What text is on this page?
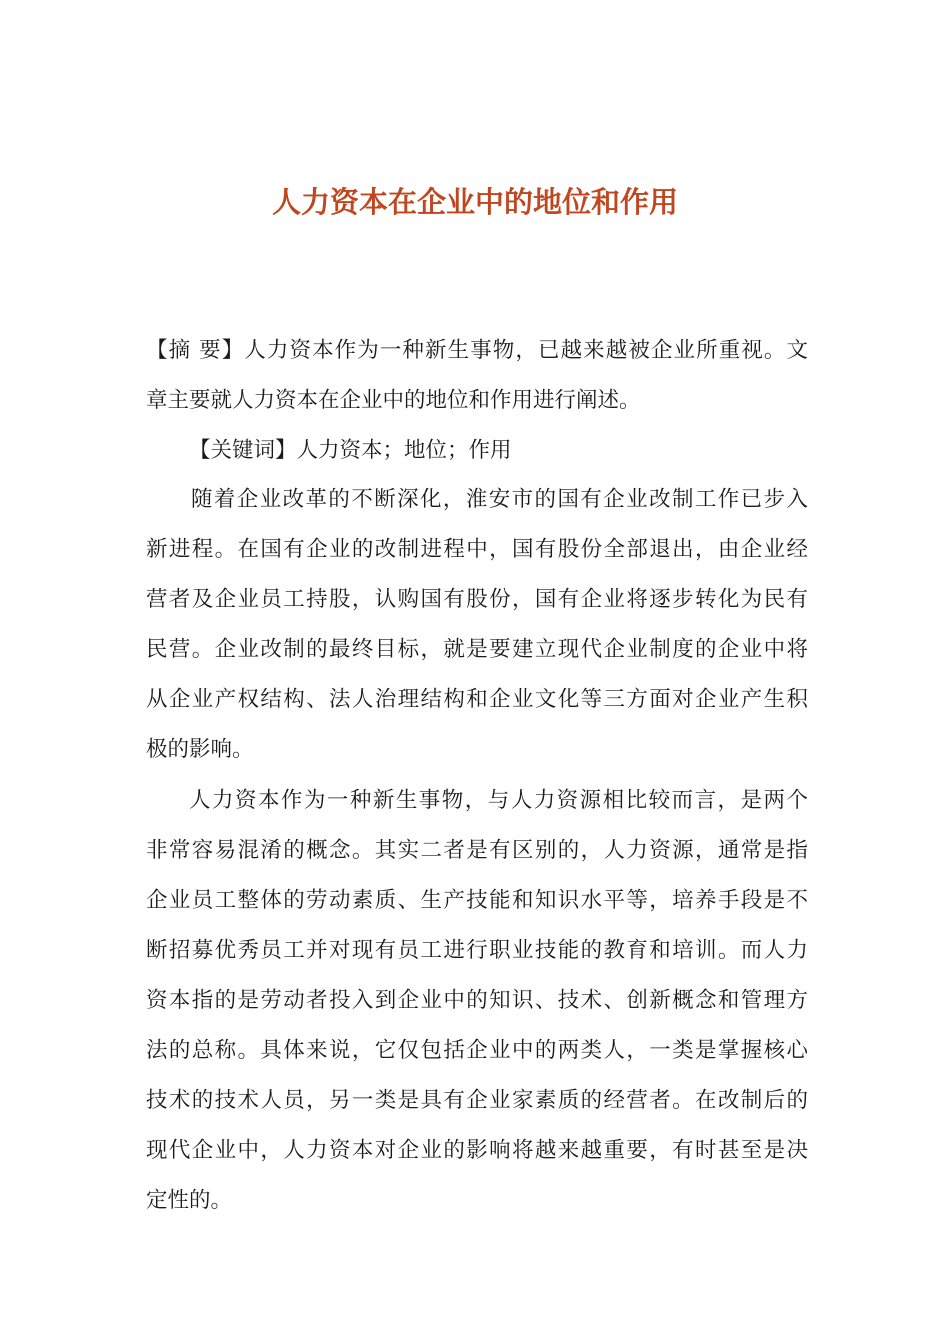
人力资本在企业中的地位和作用
【摘 要】人力资本作为一种新生事物，已越来越被企业所重视。文
章主要就人力资本在企业中的地位和作用进行阐述。
【关键词】人力资本；地位；作用
随着企业改革的不断深化，淮安市的国有企业改制工作已步入
新进程。在国有企业的改制进程中，国有股份全部退出，由企业经
营者及企业员工持股，认购国有股份，国有企业将逐步转化为民有
民营。企业改制的最终目标，就是要建立现代企业制度的企业中将
从企业产权结构、法人治理结构和企业文化等三方面对企业产生积
极的影响。
人力资本作为一种新生事物，与人力资源相比较而言，是两个
非常容易混淆的概念。其实二者是有区别的，人力资源，通常是指
企业员工整体的劳动素质、生产技能和知识水平等，培养手段是不
断招募优秀员工并对现有员工进行职业技能的教育和培训。而人力
资本指的是劳动者投入到企业中的知识、技术、创新概念和管理方
法的总称。具体来说，它仅包括企业中的两类人，一类是掌握核心
技术的技术人员，另一类是具有企业家素质的经营者。在改制后的
现代企业中，人力资本对企业的影响将越来越重要，有时甚至是决
定性的。
